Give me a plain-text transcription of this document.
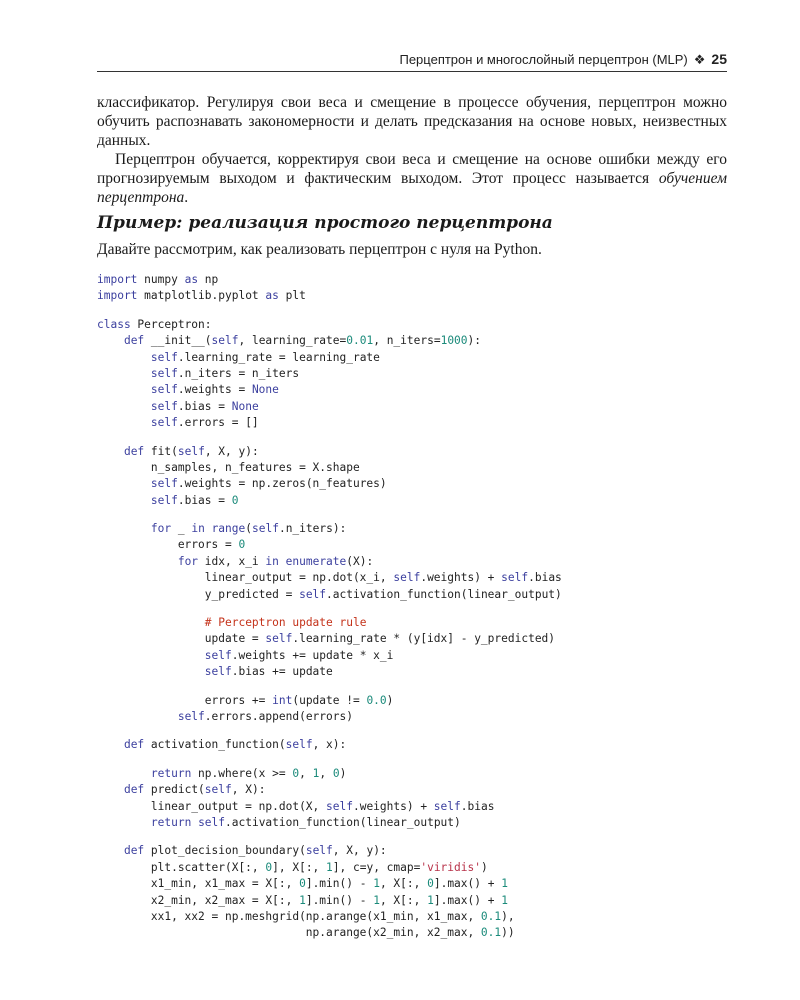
Перцептрон и многослойный перцептрон (MLP) ❖ 25

классификатор. Регулируя свои веса и смещение в процессе обучения, перцептрон можно обучить распознавать закономерности и делать предсказания на основе новых, неизвестных данных.

Перцептрон обучается, корректируя свои веса и смещение на основе ошибки между его прогнозируемым выходом и фактическим выходом. Этот процесс называется обучением перцептрона.

Пример: реализация простого перцептрона
Давайте рассмотрим, как реализовать перцептрон с нуля на Python.
import numpy as np
import matplotlib.pyplot as plt
class Perceptron:
def __init__(self, learning_rate=0.01, n_iters=1000):
self.learning_rate = learning_rate
self.n_iters = n_iters
self.weights = None
self.bias = None
self.errors = []
def fit(self, X, y):
n_samples, n_features = X.shape
self.weights = np.zeros(n_features)
self.bias = 0
for _ in range(self.n_iters):
errors = 0
for idx, x_i in enumerate(X):
linear_output = np.dot(x_i, self.weights) + self.bias
y_predicted = self.activation_function(linear_output)
# Perceptron update rule
update = self.learning_rate * (y[idx] - y_predicted)
self.weights += update * x_i
self.bias += update
errors += int(update != 0.0)
self.errors.append(errors)
def activation_function(self, x):
return np.where(x >= 0, 1, 0)
def predict(self, X):
linear_output = np.dot(X, self.weights) + self.bias
return self.activation_function(linear_output)
def plot_decision_boundary(self, X, y):
plt.scatter(X[:, 0], X[:, 1], c=y, cmap='viridis')
x1_min, x1_max = X[:, 0].min() - 1, X[:, 0].max() + 1
x2_min, x2_max = X[:, 1].min() - 1, X[:, 1].max() + 1
xx1, xx2 = np.meshgrid(np.arange(x1_min, x1_max, 0.1),
np.arange(x2_min, x2_max, 0.1))
